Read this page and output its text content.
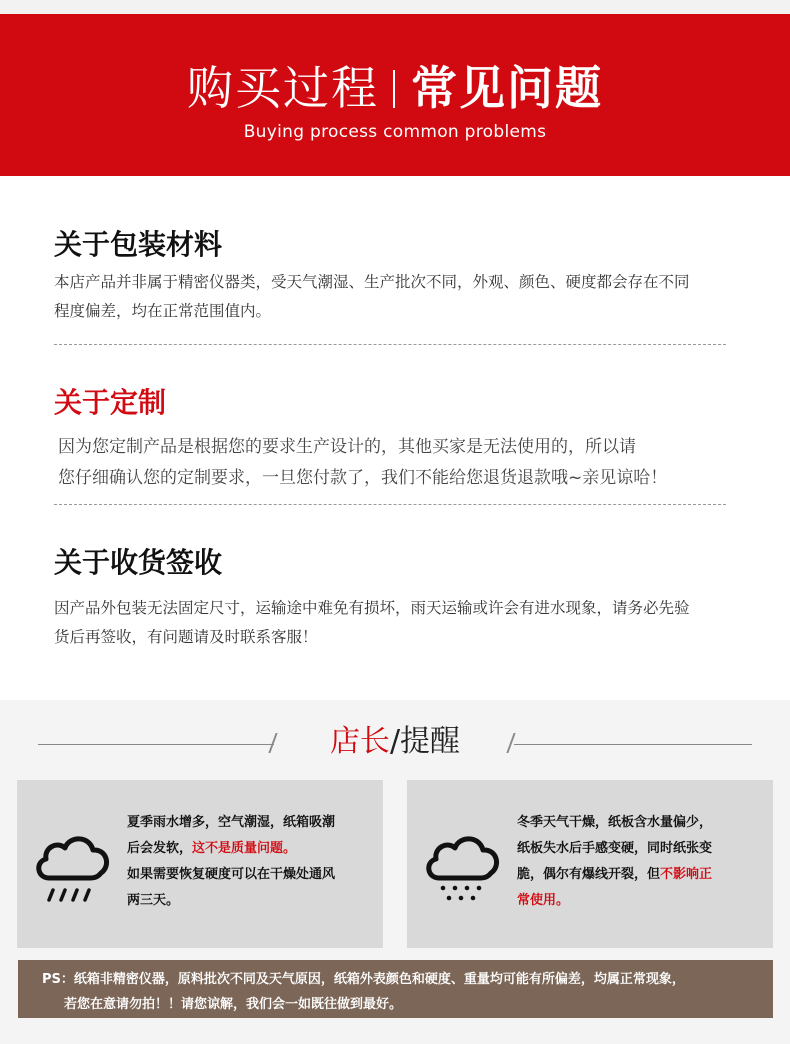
购买过程 常见问题
Buying process common problems
关于包装材料
本店产品并非属于精密仪器类，受天气潮湿、生产批次不同，外观、颜色、硬度都会存在不同
程度偏差，均在正常范围值内。
关于定制
因为您定制产品是根据您的要求生产设计的，其他买家是无法使用的，所以请
您仔细确认您的定制要求，一旦您付款了，我们不能给您退货退款哦~亲见谅哈！
关于收货签收
因产品外包装无法固定尺寸，运输途中难免有损坏，雨天运输或许会有进水现象，请务必先验
货后再签收，有问题请及时联系客服！
店长/提醒
夏季雨水增多，空气潮湿，纸箱吸潮
后会发软，这不是质量问题。
如果需要恢复硬度可以在干燥处通风
两三天。
冬季天气干燥，纸板含水量偏少，
纸板失水后手感变硬，同时纸张变
脆，偶尔有爆线开裂，但不影响正
常使用。
PS：纸箱非精密仪器，原料批次不同及天气原因，纸箱外表颜色和硬度、重量均可能有所偏差，均属正常现象，
若您在意请勿拍！！请您谅解，我们会一如既往做到最好。
